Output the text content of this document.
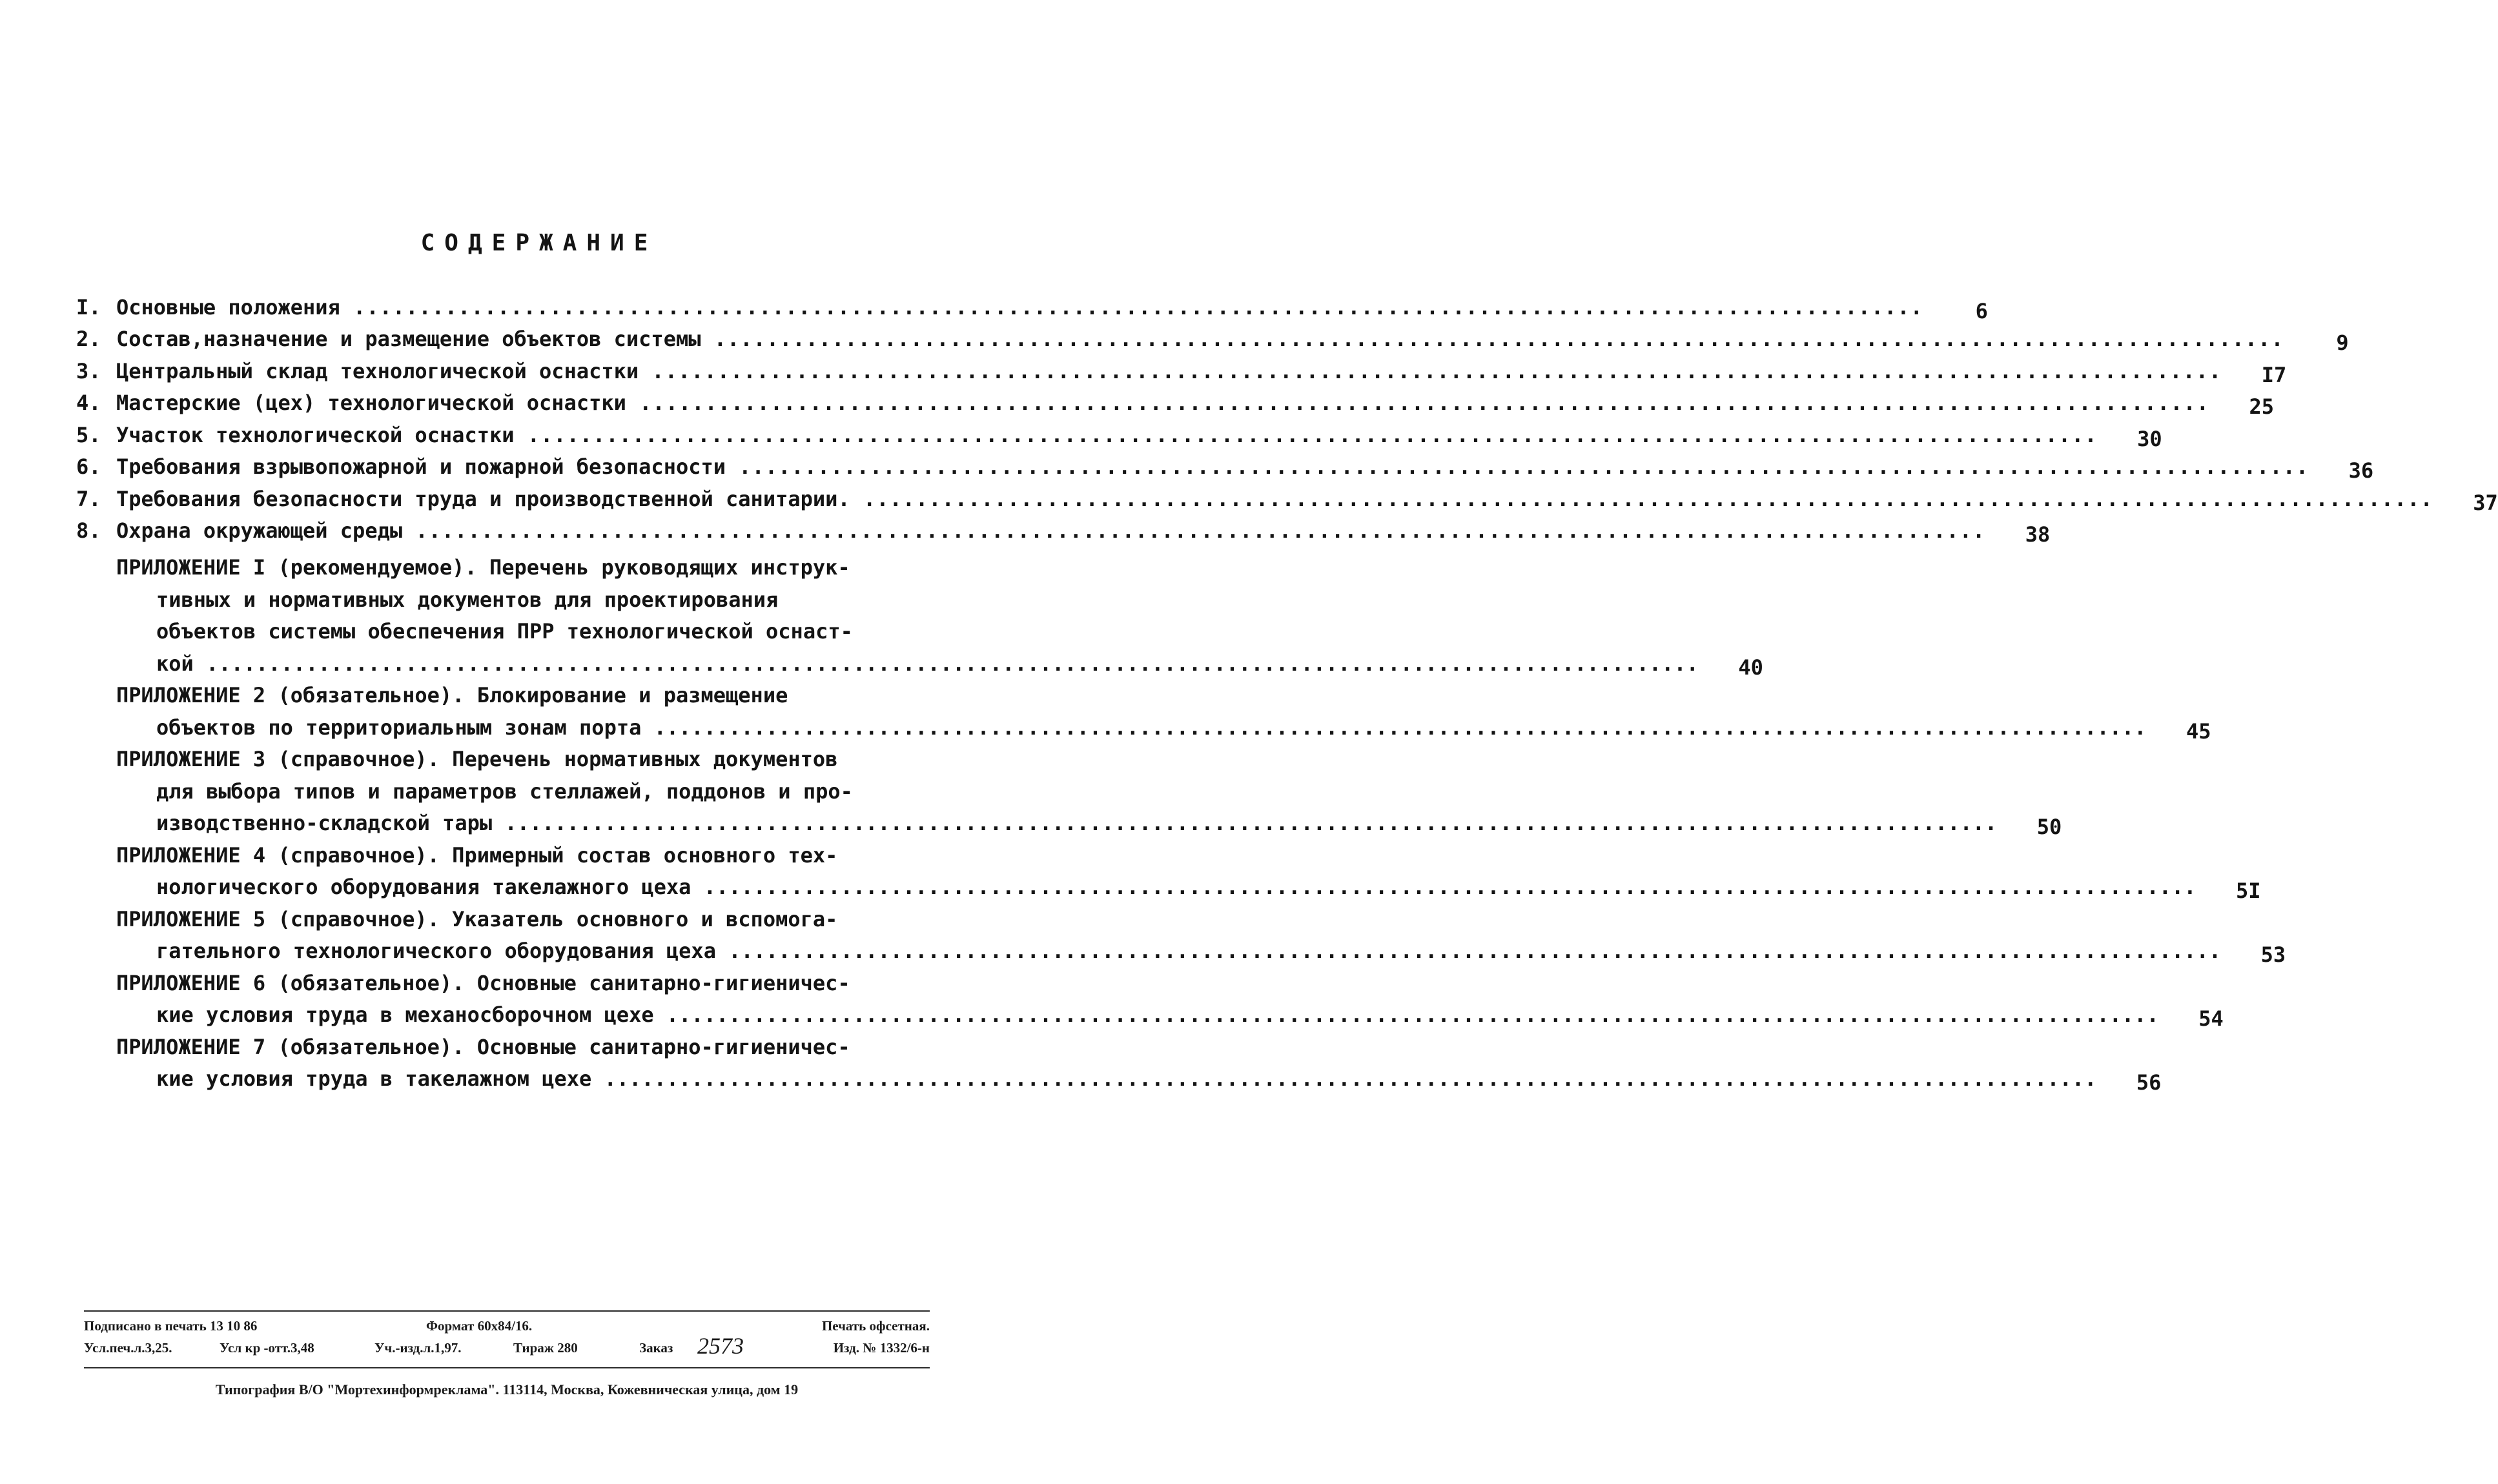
СОДЕРЖАНИЕ
I. Основные положения ........................................................................................................................	6
2. Состав,назначение и размещение объектов системы ........................................................................................................................	9
3. Центральный склад технологической оснастки ........................................................................................................................	I7
4. Мастерские (цех) технологической оснастки ........................................................................................................................	25
5. Участок технологической оснастки ........................................................................................................................	30
6. Требования взрывопожарной и пожарной безопасности ........................................................................................................................	36
7. Требования безопасности труда и производственной санитарии. ........................................................................................................................	37
8. Охрана окружающей среды ........................................................................................................................	38
ПРИЛОЖЕНИЕ I (рекомендуемое). Перечень руководящих инструк-
тивных и нормативных документов для проектирования
объектов системы обеспечения ПРР технологической оснаст-
кой ........................................................................................................................	40
ПРИЛОЖЕНИЕ 2 (обязательное). Блокирование и размещение
объектов по территориальным зонам порта ........................................................................................................................	45
ПРИЛОЖЕНИЕ 3 (справочное). Перечень нормативных документов
для выбора типов и параметров стеллажей, поддонов и про-
изводственно-складской тары ........................................................................................................................	50
ПРИЛОЖЕНИЕ 4 (справочное). Примерный состав основного тех-
нологического оборудования такелажного цеха ........................................................................................................................	5I
ПРИЛОЖЕНИЕ 5 (справочное). Указатель основного и вспомога-
гательного технологического оборудования цеха ........................................................................................................................	53
ПРИЛОЖЕНИЕ 6 (обязательное). Основные санитарно-гигиеничес-
кие условия труда в механосборочном цехе ........................................................................................................................	54
ПРИЛОЖЕНИЕ 7 (обязательное). Основные санитарно-гигиеничес-
кие условия труда в такелажном цехе ........................................................................................................................	56
Подписано в печать 13 10 86	Формат 60х84/16.	Печать офсетная.
Усл.печ.л.3,25.	Усл кр -отт.3,48	Уч.-изд.л.1,97.	Тираж 280	Заказ 2573	Изд. № 1332/6-н
Типография В/О "Мортехинформреклама". 113114, Москва, Кожевническая улица, дом 19
